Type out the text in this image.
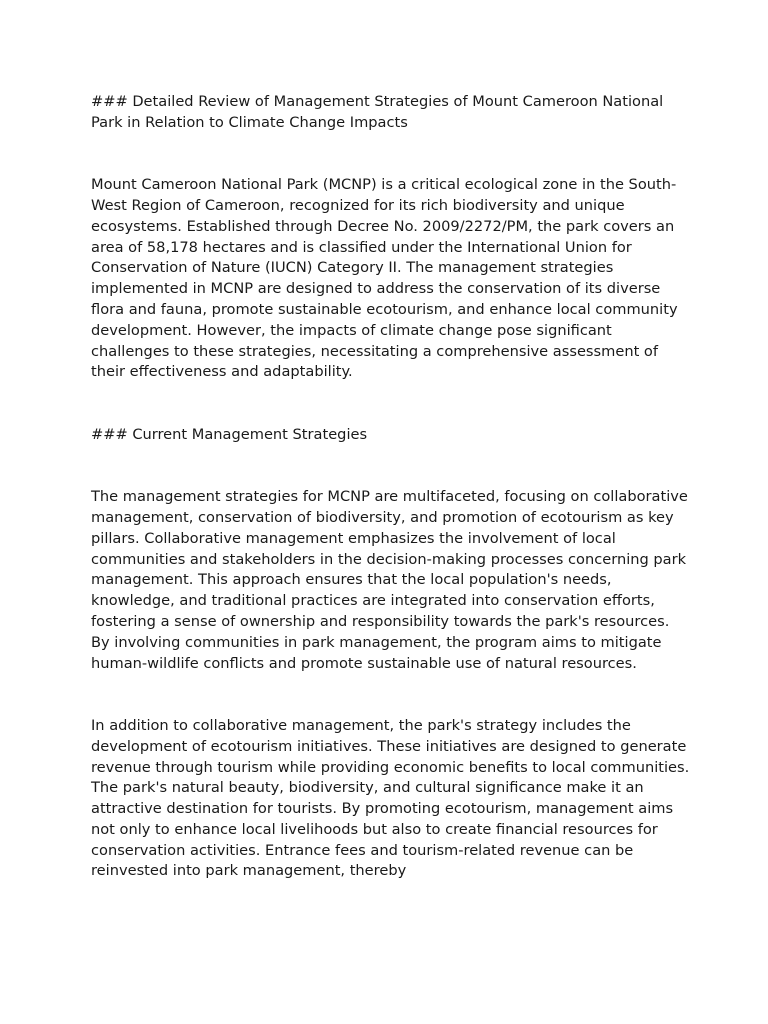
### Detailed Review of Management Strategies of Mount Cameroon National Park in Relation to Climate Change Impacts

Mount Cameroon National Park (MCNP) is a critical ecological zone in the South-West Region of Cameroon, recognized for its rich biodiversity and unique ecosystems. Established through Decree No. 2009/2272/PM, the park covers an area of 58,178 hectares and is classified under the International Union for Conservation of Nature (IUCN) Category II. The management strategies implemented in MCNP are designed to address the conservation of its diverse flora and fauna, promote sustainable ecotourism, and enhance local community development. However, the impacts of climate change pose significant challenges to these strategies, necessitating a comprehensive assessment of their effectiveness and adaptability.

### Current Management Strategies

The management strategies for MCNP are multifaceted, focusing on collaborative management, conservation of biodiversity, and promotion of ecotourism as key pillars. Collaborative management emphasizes the involvement of local communities and stakeholders in the decision-making processes concerning park management. This approach ensures that the local population's needs, knowledge, and traditional practices are integrated into conservation efforts, fostering a sense of ownership and responsibility towards the park's resources. By involving communities in park management, the program aims to mitigate human-wildlife conflicts and promote sustainable use of natural resources.

In addition to collaborative management, the park's strategy includes the development of ecotourism initiatives. These initiatives are designed to generate revenue through tourism while providing economic benefits to local communities. The park's natural beauty, biodiversity, and cultural significance make it an attractive destination for tourists. By promoting ecotourism, management aims not only to enhance local livelihoods but also to create financial resources for conservation activities. Entrance fees and tourism-related revenue can be reinvested into park management, thereby
